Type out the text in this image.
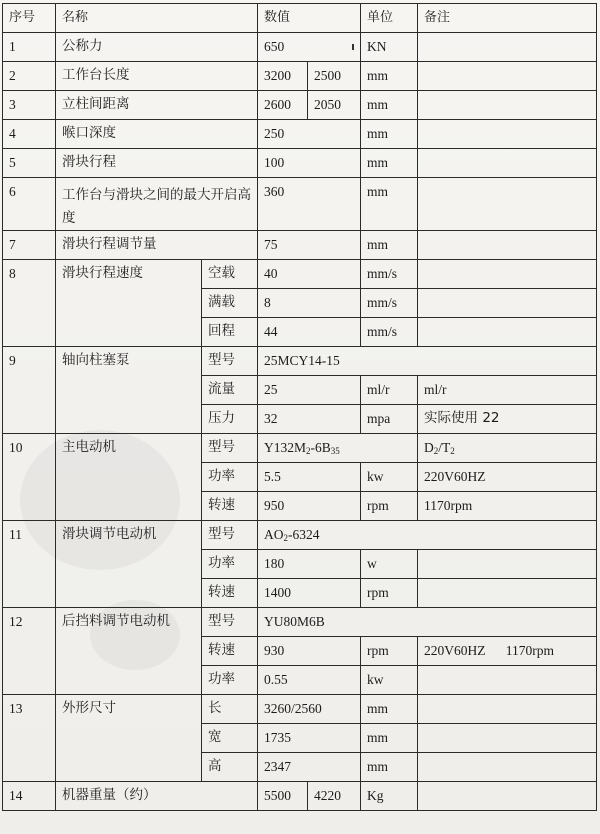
序号	名称		数值		单位	备注
1	公称力		650		KN	
2	工作台长度		3200	2500	mm	
3	立柱间距离		2600	2050	mm	
4	喉口深度		250		mm	
5	滑块行程		100		mm	
6	工作台与滑块之间的最大开启高度		360		mm	
7	滑块行程调节量		75		mm	
8	滑块行程速度	空载	40		mm/s	
		满载	8		mm/s	
		回程	44		mm/s	
9	轴向柱塞泵	型号	25MCY14-15			
		流量	25		ml/r	ml/r
		压力	32		mpa	实际使用 22
10	主电动机	型号	$Y132M_2-6B_{35}$			$D_2/T_2$
		功率	5.5		kw	220V60HZ
		转速	950		rpm	1170rpm
11	滑块调节电动机	型号	$AO_2-6324$			
		功率	180		w	
		转速	1400		rpm	
12	后挡料调节电动机	型号	YU80M6B			
		转速	930		rpm	220V60HZ      1170rpm
		功率	0.55		kw	
13	外形尺寸	长	3260/2560		mm	
		宽	1735		mm	
		高	2347		mm	
14	机器重量（约）		5500	4220	Kg	
